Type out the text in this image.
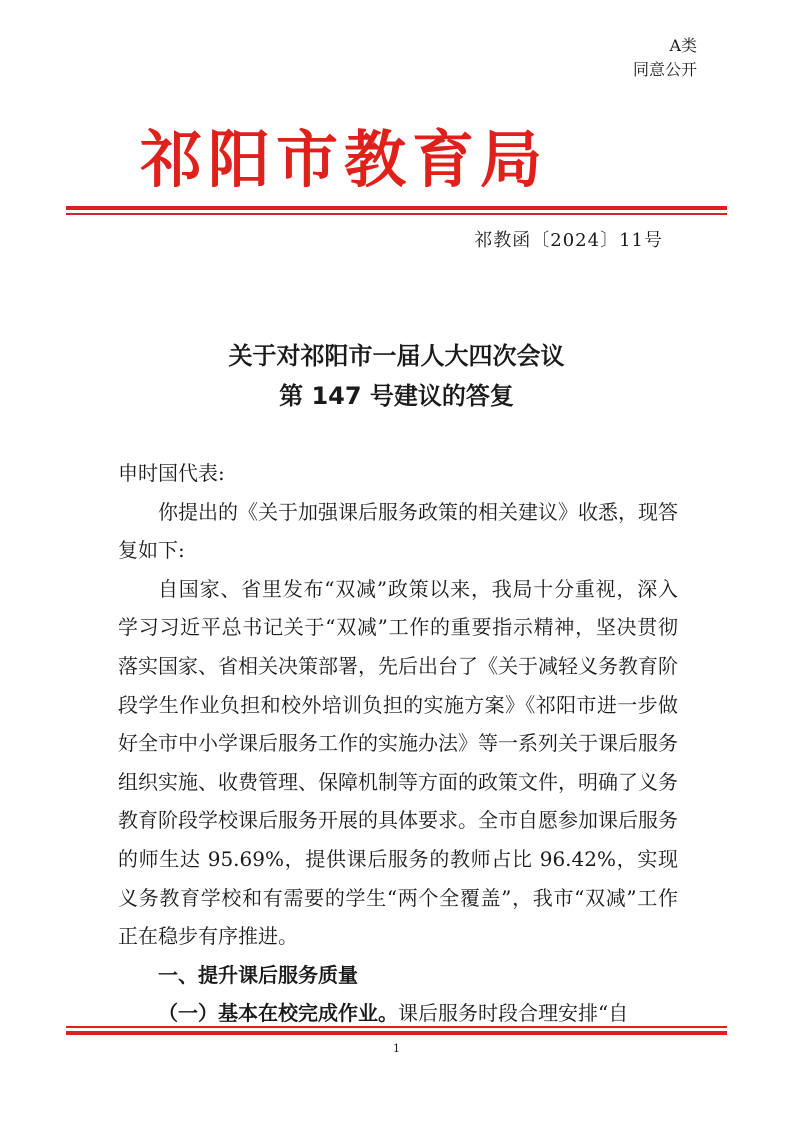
A类
同意公开
祁阳市教育局
祁教函〔2024〕11号
关于对祁阳市一届人大四次会议
第 147 号建议的答复

申时国代表:

你提出的《关于加强课后服务政策的相关建议》收悉，现答复如下:

自国家、省里发布“双减”政策以来，我局十分重视，深入学习习近平总书记关于“双减”工作的重要指示精神，坚决贯彻落实国家、省相关决策部署，先后出台了《关于减轻义务教育阶段学生作业负担和校外培训负担的实施方案》《祁阳市进一步做好全市中小学课后服务工作的实施办法》等一系列关于课后服务组织实施、收费管理、保障机制等方面的政策文件，明确了义务教育阶段学校课后服务开展的具体要求。全市自愿参加课后服务的师生达 95.69%，提供课后服务的教师占比 96.42%，实现义务教育学校和有需要的学生“两个全覆盖”，我市“双减”工作正在稳步有序推进。

一、提升课后服务质量

（一）基本在校完成作业。课后服务时段合理安排“自

1
